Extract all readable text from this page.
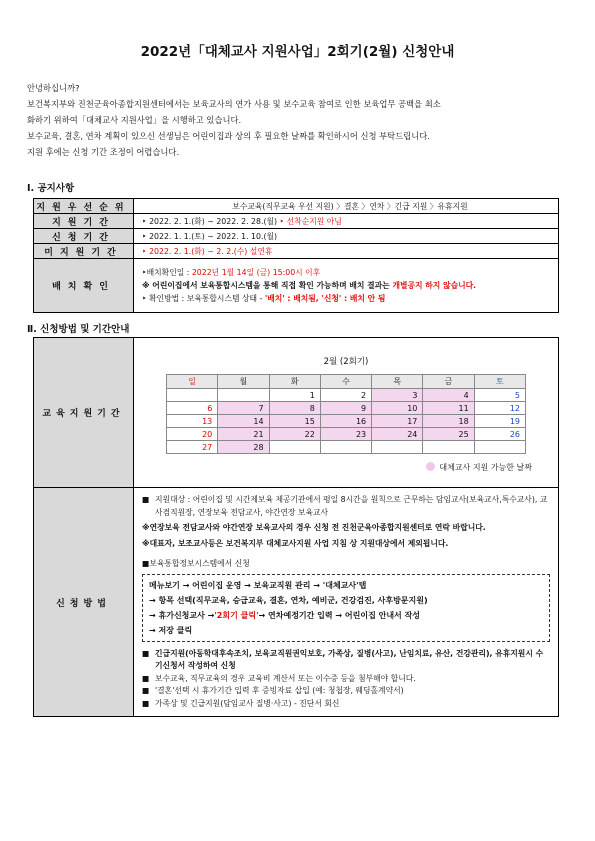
2022년「대체교사 지원사업」2회기(2월) 신청안내

안녕하십니까?

보건복지부와 진천군육아종합지원센터에서는 보육교사의 연가 사용 및 보수교육 참여로 인한 보육업무 공백을 최소

화하기 위하여「대체교사 지원사업」을 시행하고 있습니다.

보수교육, 결혼, 연차 계획이 있으신 선생님은 어린이집과 상의 후 필요한 날짜를 확인하시어 신청 부탁드립니다.

지원 후에는 신청 기간 조정이 어렵습니다.

Ⅰ. 공지사항
지원우선순위	보수교육(직무교육 우선 지원) 〉결혼 〉연차 〉긴급 지원 〉유휴지원
지원기간	‣ 2022. 2. 1.(화) ~ 2022. 2. 28.(월) ‣ 선착순지원 아님
신청기간	‣ 2022. 1. 1.(토) ~ 2022. 1. 10.(월)
미지원기간	‣ 2022. 2. 1.(화) ~ 2. 2.(수) 설연휴
배치확인	‣배치확인일 : 2022년 1월 14일 (금) 15:00시 이후
※ 어린이집에서 보육통합시스템을 통해 직접 확인 가능하며 배치 결과는 개별공지 하지 않습니다.
‣ 확인방법 : 보육통합시스템 상태 - '배치' : 배치됨, '신청' : 배치 안 됨
Ⅱ. 신청방법 및 기간안내
교육지원기간	
2월 (2회기)
일	월	화	수	목	금	토
		1	2	3	4	5
6	7	8	9	10	11	12
13	14	15	16	17	18	19
20	21	22	23	24	25	26
27	28					
대체교사 지원 가능한 날짜

신청방법	
■ 지원대상 : 어린이집 및 시간제보육 제공기관에서 평일 8시간을 원칙으로 근무하는 담임교사(보육교사,특수교사), 교사겸직원장, 연장보육 전담교사, 야간연장 보육교사
※연장보육 전담교사와 야간연장 보육교사의 경우 신청 전 진천군육아종합지원센터로 연락 바랍니다.
※대표자, 보조교사등은 보건복지부 대체교사지원 사업 지침 상 지원대상에서 제외됩니다.
■보육통합정보시스템에서 신청
메뉴보기 → 어린이집 운영 → 보육교직원 관리 → '대체교사'탭
→ 항목 선택(직무교육, 승급교육, 결혼, 연차, 예비군, 건강검진, 사후방문지원)
→ 휴가신청교사 →'2회기 클릭'→ 연차예정기간 입력 → 어린이집 안내서 작성
→ 저장 클릭
■ 긴급지원(아동학대후속조치, 보육교직원권익보호, 가족상, 질병(사고), 난임치료, 유산, 건강관리), 유휴지원시 수기신청서 작성하여 신청
■ 보수교육, 직무교육의 경우 교육비 계산서 또는 이수증 등을 첨부해야 합니다.
■ '결혼'선택 시 휴가기간 입력 후 증빙자료 삽입 (예: 청첩장, 웨딩홀계약서)
■ 가족상 및 긴급지원(담임교사 질병·사고) - 진단서 회신
